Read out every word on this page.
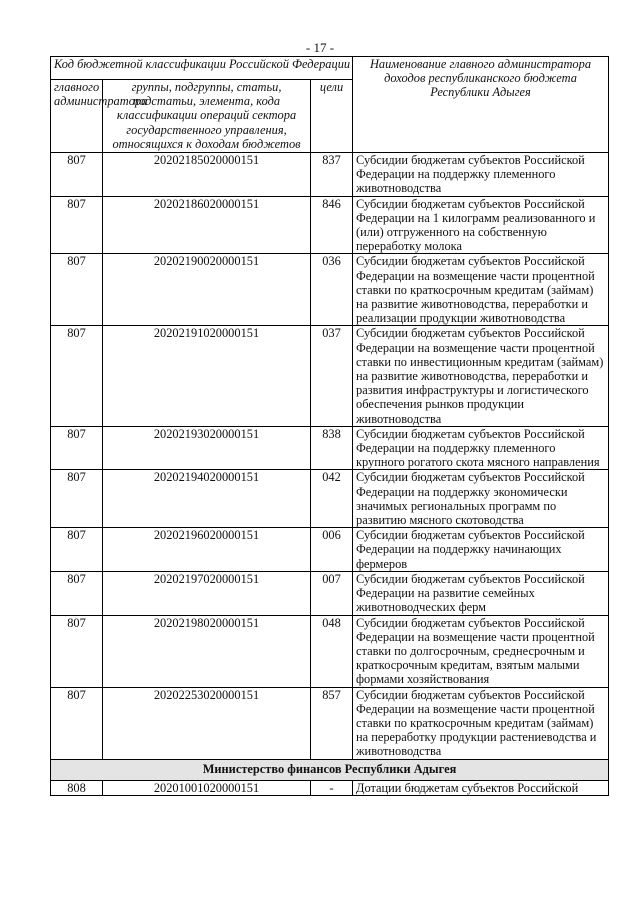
- 17 -
Код бюджетной классификации Российской Федерации			Наименование главного администратора доходов республиканского бюджета Республики Адыгея
главного администратора	группы, подгруппы, статьи, подстатьи, элемента, кода классификации операций сектора государственного управления, относящихся к доходам бюджетов	цели	
807	20202185020000151	837	Субсидии бюджетам субъектов Российской Федерации на поддержку племенного животноводства
807	20202186020000151	846	Субсидии бюджетам субъектов Российской Федерации на 1 килограмм реализованного и (или) отгруженного на собственную переработку молока
807	20202190020000151	036	Субсидии бюджетам субъектов Российской Федерации на возмещение части процентной ставки по краткосрочным кредитам (займам) на развитие животноводства, переработки и реализации продукции животноводства
807	20202191020000151	037	Субсидии бюджетам субъектов Российской Федерации на возмещение части процентной ставки по инвестиционным кредитам (займам) на развитие животноводства, переработки и развития инфраструктуры и логистического обеспечения рынков продукции животноводства
807	20202193020000151	838	Субсидии бюджетам субъектов Российской Федерации на поддержку племенного крупного рогатого скота мясного направления
807	20202194020000151	042	Субсидии бюджетам субъектов Российской Федерации на поддержку экономически значимых региональных программ по развитию мясного скотоводства
807	20202196020000151	006	Субсидии бюджетам субъектов Российской Федерации на поддержку начинающих фермеров
807	20202197020000151	007	Субсидии бюджетам субъектов Российской Федерации на развитие семейных животноводческих ферм
807	20202198020000151	048	Субсидии бюджетам субъектов Российской Федерации на возмещение части процентной ставки по долгосрочным, среднесрочным и краткосрочным кредитам, взятым малыми формами хозяйствования
807	20202253020000151	857	Субсидии бюджетам субъектов Российской Федерации на возмещение части процентной ставки по краткосрочным кредитам (займам) на переработку продукции растениеводства и животноводства
Министерство финансов Республики Адыгея			
808	20201001020000151	-	Дотации бюджетам субъектов Российской
